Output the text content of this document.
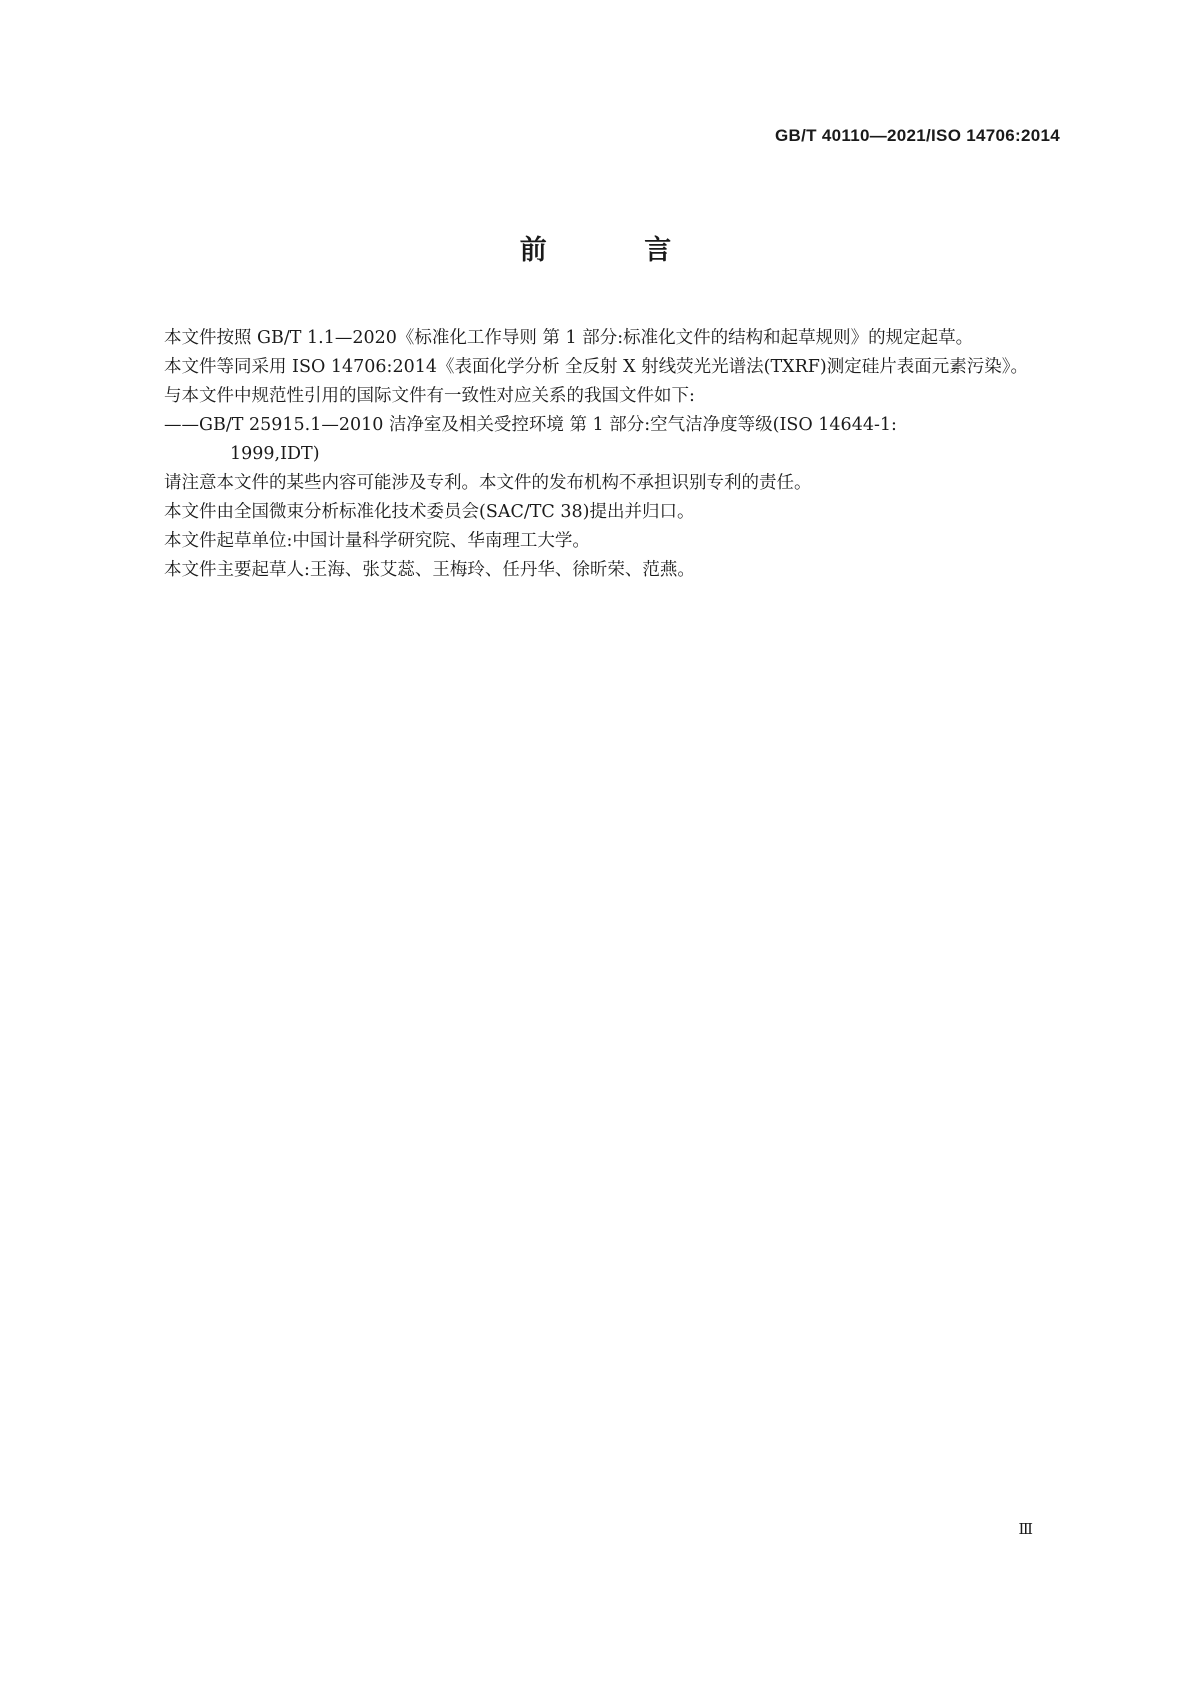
GB/T 40110—2021/ISO 14706:2014
前 言

本文件按照 GB/T 1.1—2020《标准化工作导则 第 1 部分:标准化文件的结构和起草规则》的规定起草。

本文件等同采用 ISO 14706:2014《表面化学分析 全反射 X 射线荧光光谱法(TXRF)测定硅片表面元素污染》。

与本文件中规范性引用的国际文件有一致性对应关系的我国文件如下:

——GB/T 25915.1—2010 洁净室及相关受控环境 第 1 部分:空气洁净度等级(ISO 14644-1:
1999,IDT)

请注意本文件的某些内容可能涉及专利。本文件的发布机构不承担识别专利的责任。

本文件由全国微束分析标准化技术委员会(SAC/TC 38)提出并归口。

本文件起草单位:中国计量科学研究院、华南理工大学。

本文件主要起草人:王海、张艾蕊、王梅玲、任丹华、徐昕荣、范燕。

Ⅲ
